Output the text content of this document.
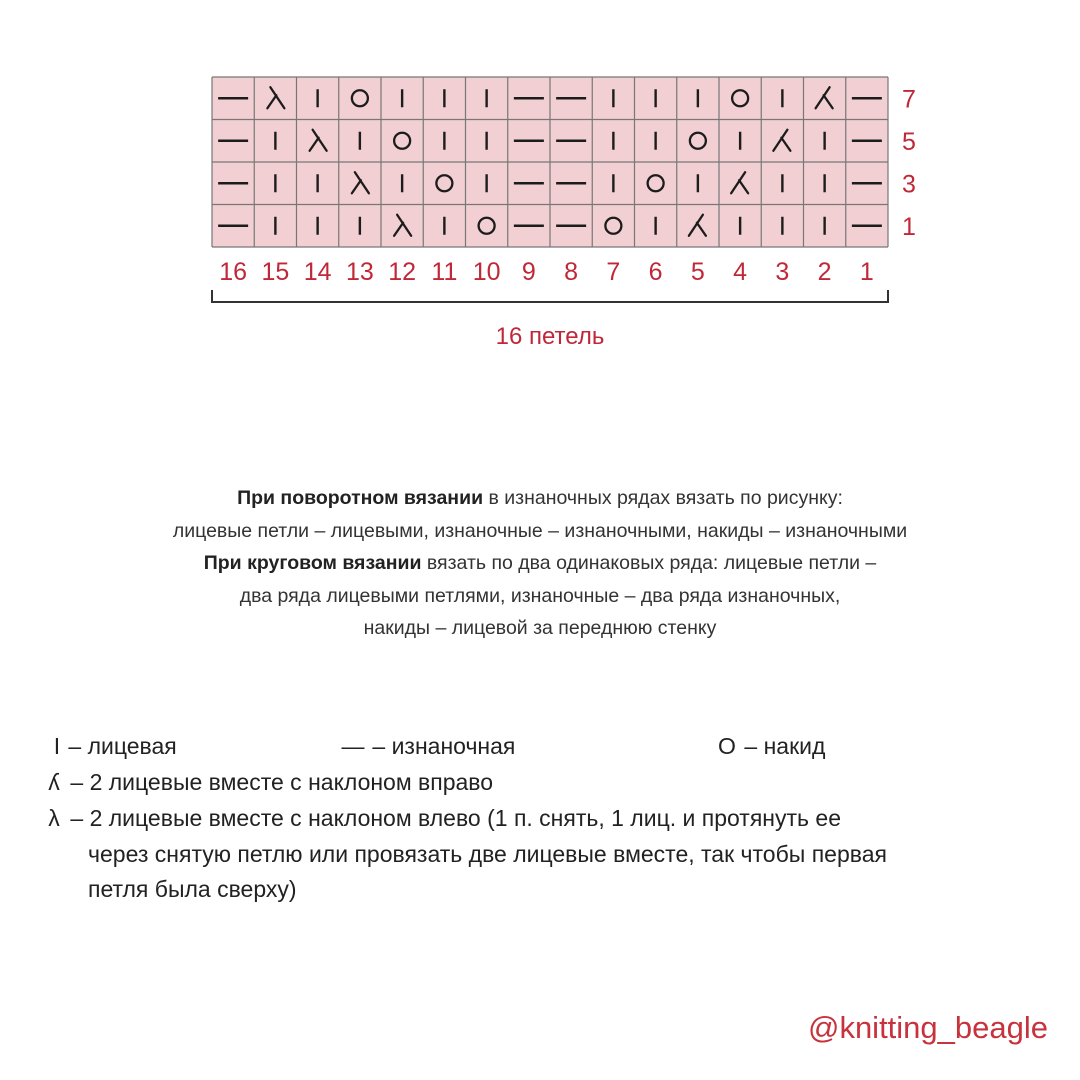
7
5
3
1
16 15 14 13 12 11 10 9 8 7 6 5 4 3 2 1
16 петель
При поворотном вязании в изнаночных рядах вязать по рисунку:
лицевые петли – лицевыми, изнаночные – изнаночными, накиды – изнаночными
При круговом вязании вязать по два одинаковых ряда: лицевые петли –
два ряда лицевыми петлями, изнаночные – два ряда изнаночных,
накиды – лицевой за переднюю стенку
I – лицевая	— – изнаночная	O – накид
ʎ – 2 лицевые вместе с наклоном вправо
λ – 2 лицевые вместе с наклоном влево (1 п. снять, 1 лиц. и протянуть ее
через снятую петлю или провязать две лицевые вместе, так чтобы первая
петля была сверху)
@knitting_beagle
